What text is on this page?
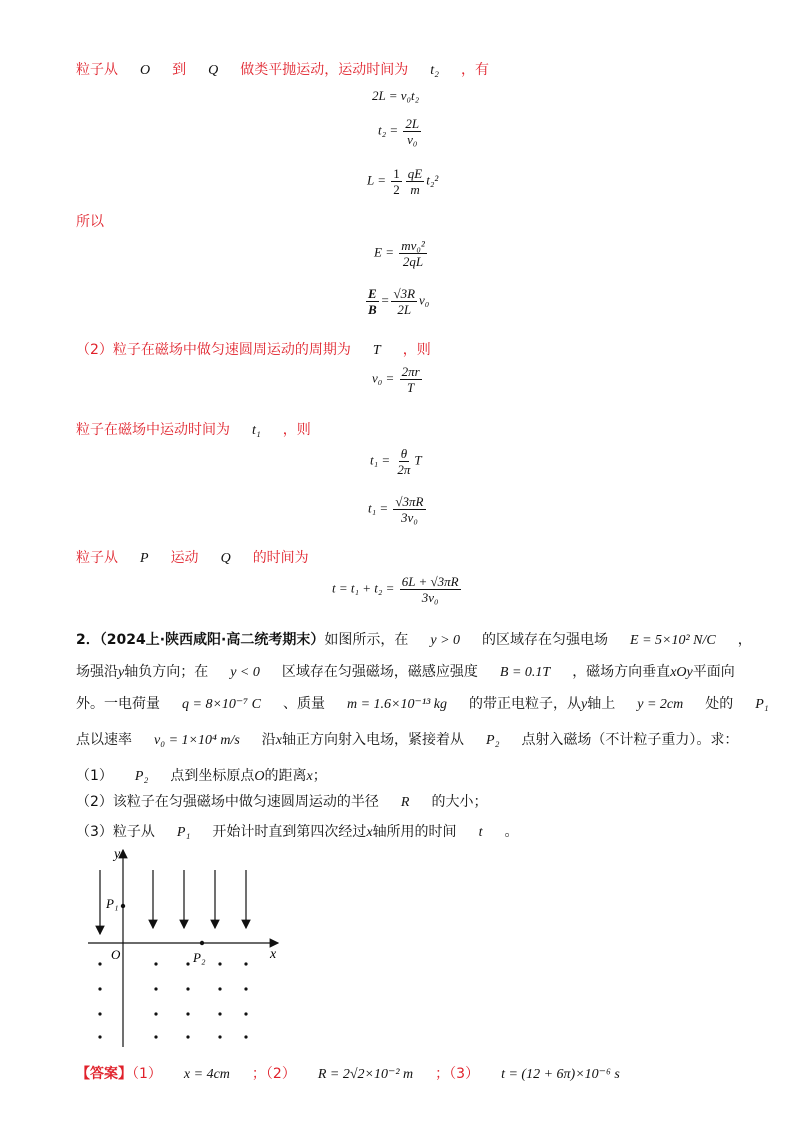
粒子从 O 到 Q 做类平抛运动，运动时间为 t₂ ，有
2L = v₀t₂
$t_2 = \frac{2L}{\text{v₀}}$
$L = \frac{1}{2} \frac{qE}{m} t_2^2$
所以
$E = \frac{\text{mv₀²}}{2qL}$
$\frac{E}{B} = \frac{√3R}{2L} v_0$
（2）粒子在磁场中做匀速圆周运动的周期为 T ，则
$v_0 = \frac{2\pi r}{T}$
粒子在磁场中运动时间为 t₁ ，则
$t_1 = \frac{\theta}{2\pi}$ T
$t_1 = \frac{√3\pi R}{\text{3v₀}}$
粒子从 P 运动 Q 的时间为
$t = t_1 + t_2 = \frac{6L + √3\pi R}{\text{3v₀}}$
2．（2024上·陕西咸阳·高二统考期末）如图所示，在 y > 0 的区域存在匀强电场 E = 5×10² N/C ，
场强沿y轴负方向；在 y < 0 区域存在匀强磁场，磁感应强度 B = 0.1T ，磁场方向垂直xOy平面向
外。一电荷量 q = 8×10⁻⁷ C 、质量 m = 1.6×10⁻¹³ kg 的带正电粒子，从y轴上 y = 2cm 处的 P₁
点以速率 v₀ = 1×10⁴ m/s 沿x轴正方向射入电场，紧接着从 P₂ 点射入磁场（不计粒子重力）。求：
（1） P₂ 点到坐标原点O的距离x；
（2）该粒子在匀强磁场中做匀速圆周运动的半径 R 的大小；
（3）粒子从 P₁ 开始计时直到第四次经过x轴所用的时间 t 。
y
x
O
P₁
P₂
【答案】（1） x = 4cm ；（2） R = 2√2×10⁻² m ；（3） t = (12 + 6π)×10⁻⁶ s
